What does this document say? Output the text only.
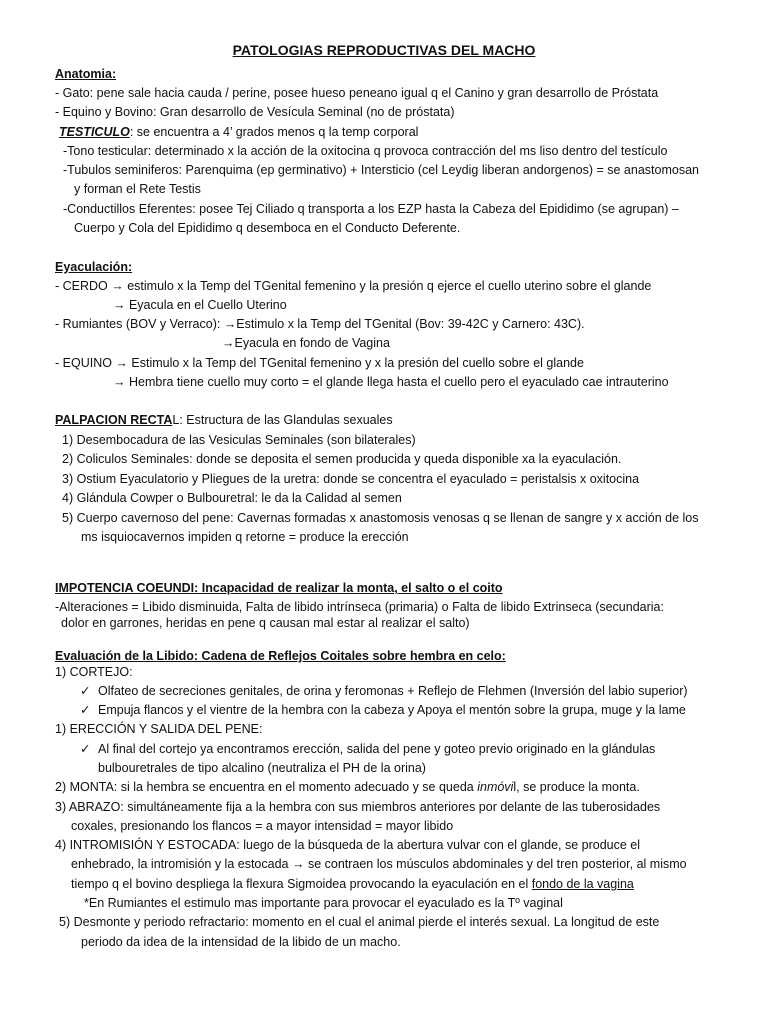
PATOLOGIAS REPRODUCTIVAS DEL MACHO
Anatomia:
- Gato: pene sale hacia cauda / perine, posee hueso peneano igual q el Canino y gran desarrollo de Próstata
- Equino y Bovino: Gran desarrollo de Vesícula Seminal (no de próstata)
TESTICULO: se encuentra a 4’ grados menos q la temp corporal
-Tono testicular: determinado x la acción de la oxitocina q provoca contracción del ms liso dentro del testículo
-Tubulos seminiferos: Parenquima (ep germinativo) + Intersticio (cel Leydig liberan andorgenos) = se anastomosan
y forman el Rete Testis
-Conductillos Eferentes: posee Tej Ciliado q transporta a los EZP hasta la Cabeza del Epididimo (se agrupan) –
Cuerpo y Cola del Epididimo q desemboca en el Conducto Deferente.
Eyaculación:
- CERDO → estimulo x la Temp del TGenital femenino y la presión q ejerce el cuello uterino sobre el glande
→ Eyacula en el Cuello Uterino
- Rumiantes (BOV y Verraco): →Estimulo x la Temp del TGenital (Bov: 39-42C y Carnero: 43C).
→Eyacula en fondo de Vagina
- EQUINO → Estimulo x la Temp del TGenital femenino y x la presión del cuello sobre el glande
→ Hembra tiene cuello muy corto = el glande llega hasta el cuello pero el eyaculado cae intrauterino
PALPACION RECTAL: Estructura de las Glandulas sexuales
1) Desembocadura de las Vesiculas Seminales (son bilaterales)
2) Coliculos Seminales: donde se deposita el semen producida y queda disponible xa la eyaculación.
3) Ostium Eyaculatorio y Pliegues de la uretra: donde se concentra el eyaculado = peristalsis x oxitocina
4) Glándula Cowper o Bulbouretral: le da la Calidad al semen
5) Cuerpo cavernoso del pene: Cavernas formadas x anastomosis venosas q se llenan de sangre y x acción de los
ms isquiocavernos impiden q retorne = produce la erección
IMPOTENCIA COEUNDI: Incapacidad de realizar la monta, el salto o el coito
-Alteraciones = Libido disminuida, Falta de libido intrínseca (primaria) o Falta de libido Extrinseca (secundaria:
dolor en garrones, heridas en pene q causan mal estar al realizar el salto)
Evaluación de la Libido: Cadena de Reflejos Coitales sobre hembra en celo:
1) CORTEJO:
✓ Olfateo de secreciones genitales, de orina y feromonas + Reflejo de Flehmen (Inversión del labio superior)
✓ Empuja flancos y el vientre de la hembra con la cabeza y Apoya el mentón sobre la grupa, muge y la lame
1) ERECCIÓN Y SALIDA DEL PENE:
✓ Al final del cortejo ya encontramos erección, salida del pene y goteo previo originado en la glándulas
bulbouretrales de tipo alcalino (neutraliza el PH de la orina)
2) MONTA: si la hembra se encuentra en el momento adecuado y se queda inmóvil, se produce la monta.
3) ABRAZO: simultáneamente fija a la hembra con sus miembros anteriores por delante de las tuberosidades
coxales, presionando los flancos = a mayor intensidad = mayor libido
4) INTROMISIÓN Y ESTOCADA: luego de la búsqueda de la abertura vulvar con el glande, se produce el
enhebrado, la intromisión y la estocada → se contraen los músculos abdominales y del tren posterior, al mismo
tiempo q el bovino despliega la flexura Sigmoidea provocando la eyaculación en el fondo de la vagina
*En Rumiantes el estimulo mas importante para provocar el eyaculado es la Tº vaginal
5) Desmonte y periodo refractario: momento en el cual el animal pierde el interés sexual. La longitud de este
periodo da idea de la intensidad de la libido de un macho.
